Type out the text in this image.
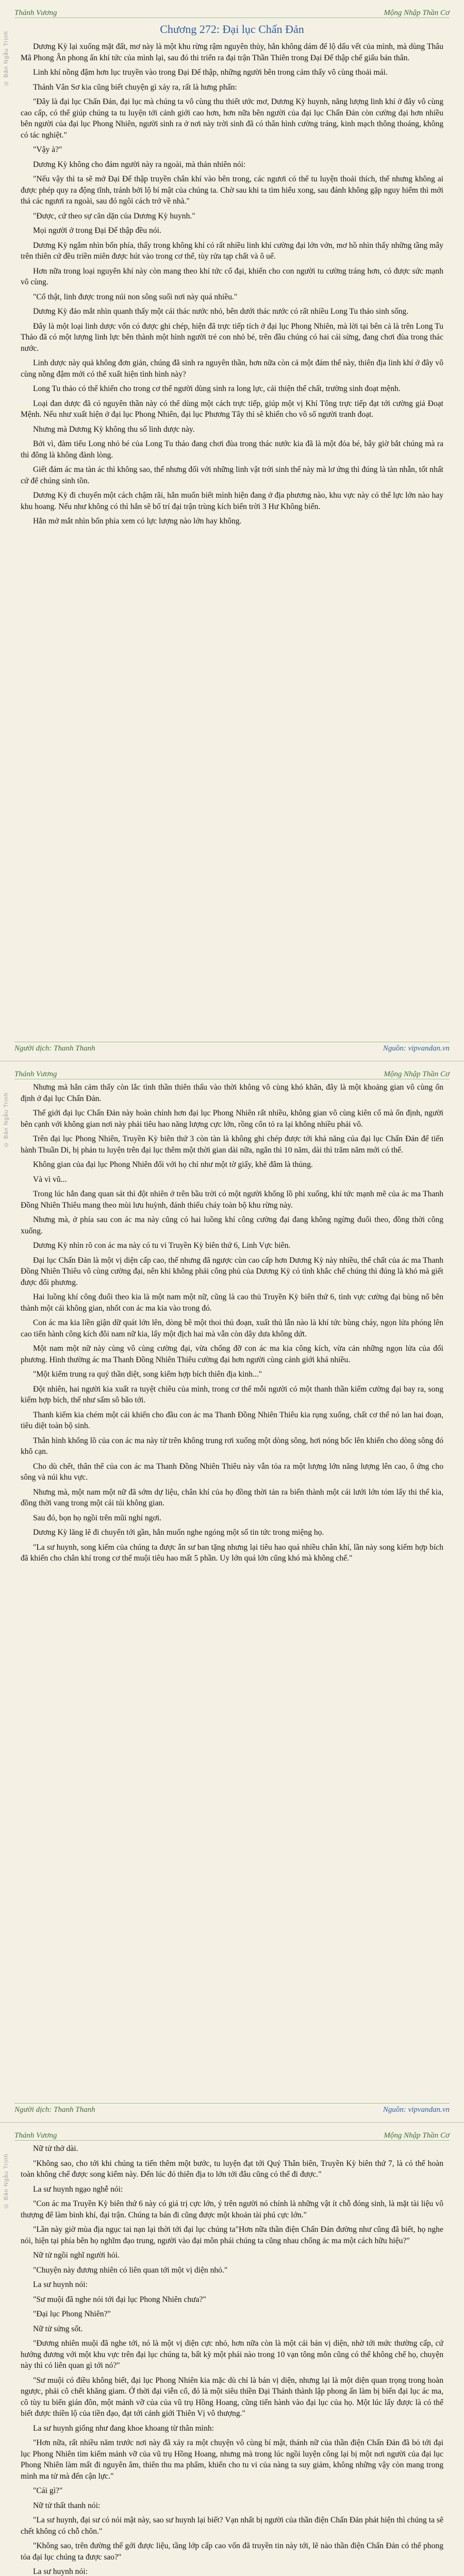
Thánh Vương	Mộng Nhập Thần Cơ
© Bản Ngẫu Trịnh
Chương 272: Đại lục Chấn Đản

Dương Kỳ lại xuống mặt đất, mơ này là một khu rừng rậm nguyên thủy, hắn không dám để lộ dấu vết của mình, mà dùng Thâu Mã Phong Ân phong ấn khí tức của mình lại, sau đó thi triển ra đại trận Thần Thiên trong Đại Đế thập chế giấu bản thân.

Linh khí nồng đậm hơn lục truyền vào trong Đại Đế thập, những người bên trong cảm thấy vô cùng thoải mái.

Thánh Vân Sơ kia cũng biết chuyện gì xảy ra, rất là hưng phấn:

"Đây là đại lục Chấn Đản, đại lục mà chúng ta vô cùng thu thiết ước mơ, Dương Kỳ huynh, năng lượng linh khí ở đây vô cùng cao cấp, có thể giúp chúng ta tu luyện tới cảnh giới cao hơn, hơn nữa bên người của đại lục Chấn Đản còn cường đại hơn nhiều bên người của đại lục Phong Nhiên, người sinh ra ở nơi này trời sinh đã có thân hình cường tráng, kinh mạch thông thoáng, không có tác nghiệt."

"Vậy à?"

Dương Kỳ không cho đám người này ra ngoài, mà thản nhiên nói:

"Nếu vậy thì ta sẽ mở Đại Đế thập truyền chân khí vào bên trong, các ngươi có thể tu luyện thoải thích, thế nhưng không ai được phép quy ra động tĩnh, tránh bởi lộ bí mật của chúng ta. Chờ sau khi ta tìm hiểu xong, sau đánh không gặp nguy hiểm thì mới thả các ngươi ra ngoài, sau đó ngôi cách trở về nhà."

"Được, cứ theo sự căn dặn của Dương Kỳ huynh."

Mọi người ở trong Đại Đế thập đều nói.

Dương Kỳ ngắm nhìn bốn phía, thấy trong không khí có rất nhiều linh khí cường đại lởn vởn, mơ hồ nhìn thấy những tầng mây trên thiên cứ đều triền miên được hút vào trong cơ thể, tùy rửa tạp chất và ô uế.

Hơn nữa trong loại nguyên khí này còn mang theo khí tức cổ đại, khiến cho con người tu cường tráng hơn, có được sức mạnh vô cùng.

"Cổ thật, linh được trong núi non sông suối nơi này quá nhiều."

Dương Kỳ đảo mắt nhìn quanh thấy một cái thác nước nhỏ, bên dưới thác nước có rất nhiều Long Tu thảo sinh sống.

Đây là một loại linh dược vốn có được ghi chép, hiện đã trực tiếp tích ở đại lục Phong Nhiên, mà lời tại bên cả là trên Long Tu Thảo đã có một lượng linh lực bên thành một hình người trẻ con nhỏ bé, trên đầu chúng có hai cái sừng, đang chơi đùa trong thác nước.

Linh dược này quả không đơn giản, chúng đã sinh ra nguyên thần, hơn nữa còn cả một đám thể này, thiên địa linh khí ở đây vô cùng nồng đậm mới có thể xuất hiện tình hình này?

Long Tu thảo có thể khiến cho trong cơ thể người dùng sinh ra long lực, cải thiện thể chất, trường sinh đoạt mệnh.

Loại đan dược đã có nguyên thần này có thể dùng một cách trực tiếp, giúp một vị Khí Tông trực tiếp đạt tới cường giả Đoạt Mệnh. Nếu như xuất hiện ở đại lục Phong Nhiên, đại lục Phương Tây thì sẽ khiến cho vô số người tranh đoạt.

Nhưng mà Dương Kỳ không thu số linh dược này.

Bởi vì, đàm tiểu Long nhỏ bé của Long Tu thảo đang chơi đùa trong thác nước kia đã là một đỏa bé, bây giờ bắt chúng mà ra thì đông là không đành lòng.

Giết đám ác ma tàn ác thì không sao, thế nhưng đối với những linh vật trời sinh thế này mà lơ ứng thì đúng là tàn nhẫn, tốt nhất cứ để chúng sinh tồn.

Dương Kỳ đi chuyến một cách chậm rãi, hắn muốn biết mình hiện đang ở địa phương nào, khu vực này có thể lực lớn nào hay khu hoang. Nếu như không có thì hắn sẽ bố trí đại trận trùng kích biển trời 3 Hư Không biển.

Hắn mở mắt nhìn bốn phía xem có lực lượng nào lớn hay không.

Người dịch: Thanh Thanh	Nguồn: vipvandan.vn
Thánh Vương	Mộng Nhập Thần Cơ
© Bản Ngẫu Trịnh

Nhưng mà hắn cảm thấy còn lắc tình thần thiên thấu vào thời không vô cùng khó khăn, đây là một khoảng gian vô cùng ổn định ở đại lục Chấn Đản.

Thế giới đại lục Chấn Đản này hoàn chỉnh hơn đại lục Phong Nhiên rất nhiều, không gian vô cùng kiên cố mà ổn định, người bên cạnh với không gian nơi này phải tiêu hao năng lượng cực lớn, rồng cổn tỏ ra lại không nhiều phải vô.

Trên đại lục Phong Nhiên, Truyền Kỳ biên thứ 3 còn tàn là không ghi chép được tới khả năng của đại lục Chấn Đản để tiến hành Thuần Di, bị phản tu luyện trên đại lục thêm một thời gian dài nữa, ngắn thì 10 năm, dài thì trăm năm mới có thể.

Không gian của đại lục Phong Nhiên đối với họ chỉ như một tờ giấy, khẽ đâm là thủng.

Và vì vũ...

Trong lúc hắn đang quan sát thì đột nhiên ở trên bầu trời có một người khổng lồ phi xuống, khí tức mạnh mẽ của ác ma Thanh Đồng Nhiên Thiêu mang theo mùi lưu huỳnh, đánh thiếu cháy toàn bộ khu rừng này.

Nhưng mà, ở phía sau con ác ma này cũng có hai luồng khí công cường đại đang không ngừng đuổi theo, đồng thời công xuống.

Dương Kỳ nhìn rõ con ác ma này có tu vi Truyền Kỳ biên thứ 6, Linh Vực biên.

Đại lục Chấn Đản là một vị diện cấp cao, thế nhưng đã ngược cùn cao cấp hơn Dương Kỳ này nhiều, thể chất của ác ma Thanh Đồng Nhiên Thiêu vô cùng cường đại, nên khi không phải công phủ của Dương Kỳ có tình khắc chế chúng thì đúng là khó mà giết được đối phương.

Hai luồng khí công đuổi theo kia là một nam một nữ, cũng là cao thủ Truyền Kỳ biên thứ 6, tình vực cường đại bùng nổ bên thành một cái không gian, nhốt con ác ma kia vào trong đó.

Con ác ma kia liền giận dữ quát lớn lên, dòng bê một thoi thủ đoạn, xuất thủ lẫn nào là khí tức bùng cháy, ngọn lửa phóng lên cao tiến hành công kích đôi nam nữ kia, lấy một địch hai mà vẫn còn dây dưa không dứt.

Một nam một nữ này cùng vô cùng cường đại, vừa chống đỡ con ác ma kia công kích, vừa cản những ngọn lửa của đối phương. Hình thường ác ma Thanh Đồng Nhiên Thiêu cường đại hơn người cùng cảnh giới khá nhiều.

"Một kiểm trung ra quý thần diệt, song kiếm hợp bích thiên địa kinh..."

Đột nhiên, hai người kia xuất ra tuyệt chiêu của mình, trong cơ thể mỗi người có một thanh thần kiếm cường đại bay ra, song kiếm hợp bích, thế như sấm sô bão tới.

Thanh kiếm kia chém một cái khiến cho đầu con ác ma Thanh Đồng Nhiên Thiêu kia rụng xuống, chất cơ thể nó lan hai đoạn, tiêu diệt toàn bộ sinh.

Thân hình khổng lồ của con ác ma này từ trên không trung rơi xuống một dòng sông, hơi nóng bốc lên khiến cho dòng sông đó khô cạn.

Cho dù chết, thân thể của con ác ma Thanh Đồng Nhiên Thiêu này vẫn tỏa ra một lượng lớn năng lượng lên cao, ô ứng cho sông và núi khu vực.

Nhưng mà, một nam một nữ đã sớm dự liệu, chân khí của họ đồng thời tản ra biến thành một cái lưới lớn tóm lấy thi thể kia, đồng thời vang trong một cái túi không gian.

Sau đó, bọn họ ngồi trên mũi nghỉ ngơi.

Dương Kỳ lăng lẽ đi chuyển tới gần, hắn muốn nghe ngóng một số tin tức trong miệng họ.

"La sư huynh, song kiếm của chúng ta được ân sư ban tặng nhưng lại tiêu hao quá nhiều chân khí, lần này song kiếm hợp bích đã khiến cho chân khí trong cơ thể muội tiêu hao mất 5 phần. Uy lớn quá lớn cũng khó mà không chế."

Người dịch: Thanh Thanh	Nguồn: vipvandan.vn
Thánh Vương	Mộng Nhập Thần Cơ
© Bản Ngẫu Trịnh

Nữ tử thở dài.

"Không sao, cho tới khi chúng ta tiến thêm một bước, tu luyện đạt tới Quý Thân biên, Truyền Kỳ biên thứ 7, là có thể hoàn toàn không chế được song kiếm này. Đến lúc đó thiên địa to lớn tới đâu cũng có thể đi được."

La sư huynh ngạo nghễ nói:

"Con ác ma Truyền Kỳ biên thứ 6 này có giá trị cực lớn, ý trên người nó chính là những vật ít chỗ đóng sinh, là mặt tài liệu vô thượng để làm binh khí, đại trận. Chúng ta bán đi cũng được một khoản tài phú cực lớn."

"Lần này giờ mùa địa ngục tai nạn lại thời tới đại lục chúng ta"Hơn nữa thần điện Chấn Đản đường như cũng đã biết, họ nghe nói, hiện tại phía bên họ nghĩm đạo trung, người vào đại môn phái chúng ta cũng nhau chống ác ma một cách hữu hiệu?"

Nữ tử ngồi nghĩ người hỏi.

"Chuyện này đương nhiên có liên quan tới một vị diện nhỏ."

La sư huynh nói:

"Sư muội đã nghe nói tới đại lục Phong Nhiên chưa?"

"Đại lục Phong Nhiên?"

Nữ tử sửng sốt.

"Đương nhiên muội đã nghe tới, nó là một vị diện cực nhỏ, hơn nữa còn là một cái bán vị diện, nhờ tới mức thường cấp, cứ hướng đương với một khu vực trên đại lục chúng ta, bất kỳ một phái nào trong 10 vạn tông môn cũng có thể không chế họ, chuyện này thì có liên quan gì tới nó?"

"Sư muội có điều không biết, đại lục Phong Nhiên kia mặc dù chỉ là bán vị diện, nhưng lại là một diện quan trọng trong hoàn ngược, phải cô chết khăng giam. Ở thời đại viễn cổ, đó là một siêu thiền Đại Thánh thành lập phong ấn làm bị biến đại lục ác ma, cô tùy tu biến gián đôn, một mảnh vỡ của của vũ trụ Hồng Hoang, cũng tiến hành vào đại lục của họ. Một lúc lấy được là có thể biết được thiền lộ của tiền đạo, đạt tới cảnh giới Thiên Vị vô thượng."

La sư huynh giống như đang khoe khoang từ thân mình:

"Hơn nữa, rất nhiều năm trước nơi này đã xảy ra một chuyện vô cùng bí mật, thánh nữ của thần điện Chấn Đản đã bỏ tới đại lục Phong Nhiên tìm kiếm mảnh vỡ của vũ trụ Hồng Hoang, nhưng mà trong lúc ngồi luyện công lại bị một nơi người của đại lục Phong Nhiên làm mất đi nguyên âm, thiên thu ma phẩm, khiến cho tu vi của nàng ta suy giảm, không những vậy còn mang trong mình ma tử mà đến cận lực."

"Cái gì?"

Nữ tử thất thanh nói:

"La sư huynh, đại sư có nói mật này, sao sư huynh lại biết? Vạn nhất bị người của thần điện Chấn Đản phát hiện thì chúng ta sẽ chết không có chỗ chôn."

"Không sao, trên đường thế gới được liệu, tầng lớp cấp cao vốn đã truyền tin này tới, lẽ nào thần điện Chấn Đản có thể phong tỏa đại lục chúng ta được sao?"

La sư huynh nói:
